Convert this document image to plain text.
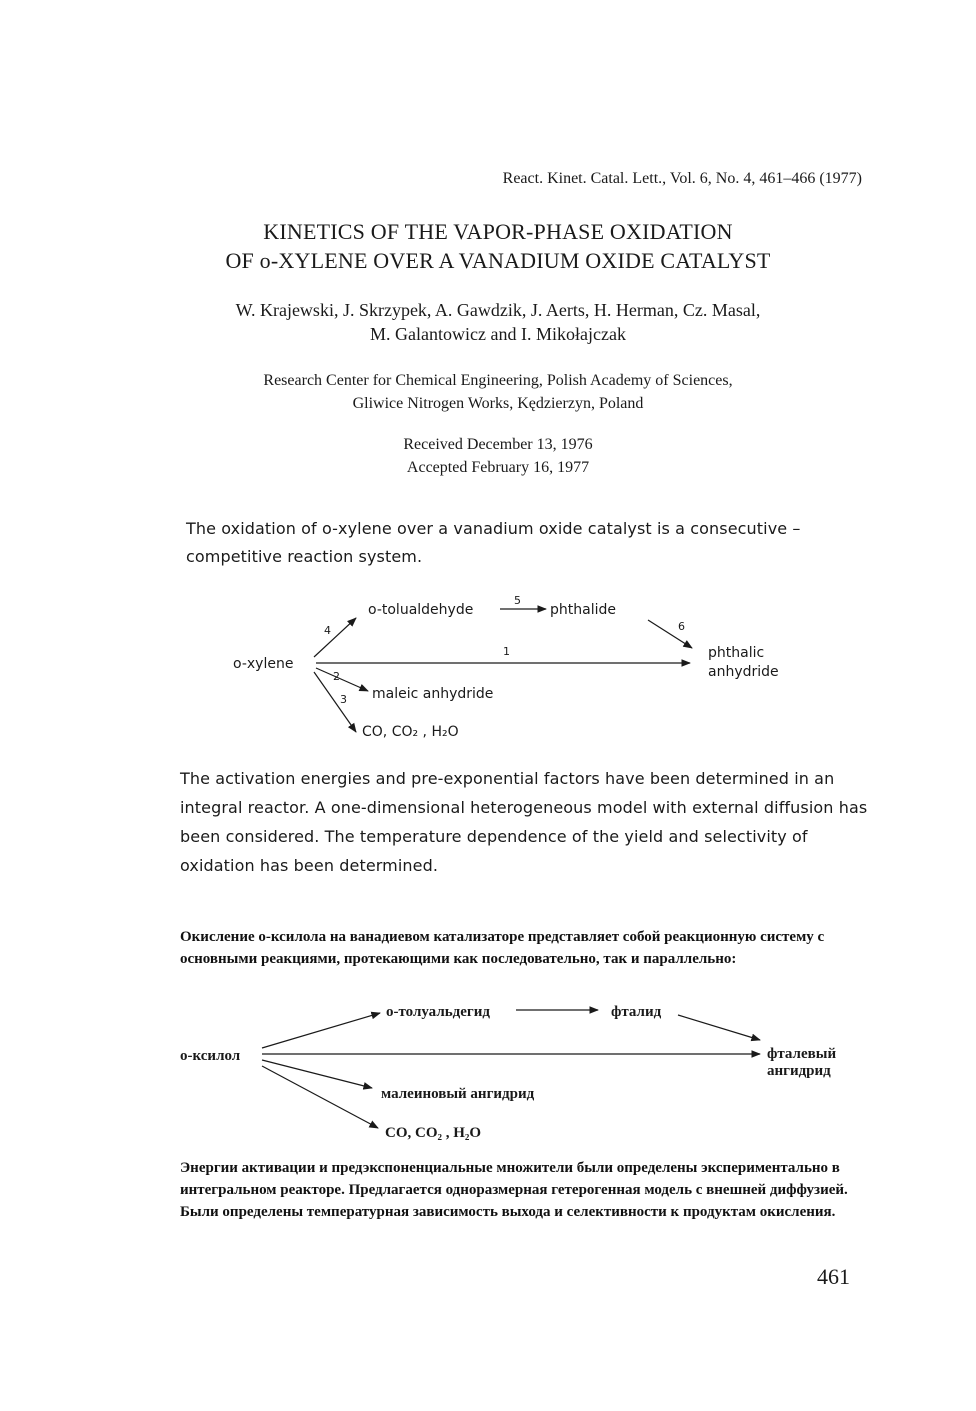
React. Kinet. Catal. Lett., Vol. 6, No. 4, 461–466 (1977)
KINETICS OF THE VAPOR-PHASE OXIDATION
OF o-XYLENE OVER A VANADIUM OXIDE CATALYST
W. Krajewski, J. Skrzypek, A. Gawdzik, J. Aerts, H. Herman, Cz. Masal,
M. Galantowicz and I. Mikołajczak
Research Center for Chemical Engineering, Polish Academy of Sciences,
Gliwice Nitrogen Works, Kędzierzyn, Poland
Received December 13, 1976
Accepted February 16, 1977
The oxidation of o-xylene over a vanadium oxide catalyst is a consecutive – competitive reaction system.
o-xylene
o-tolualdehyde	phthalide
phthalic
anhydride
maleic anhydride
CO, CO₂ , H₂O
4
5
6
1
2
3
о-ксилол
о-толуальдегид	фталид
фталевый
ангидрид
малеиновый ангидрид
CO, CO₂ , H₂O
The activation energies and pre-exponential factors have been determined in an integral reactor. A one-dimensional heterogeneous model with external diffusion has been considered. The temperature dependence of the yield and selectivity of oxidation has been determined.
Окисление о-ксилола на ванадиевом катализаторе представляет собой реакционную систему с основными реакциями, протекающими как последовательно, так и параллельно:
Энергии активации и предэкспоненциальные множители были определены экспериментально в интегральном реакторе. Предлагается одноразмерная гетерогенная модель с внешней диффузией. Были определены температурная зависимость выхода и селективности к продуктам окисления.
461
